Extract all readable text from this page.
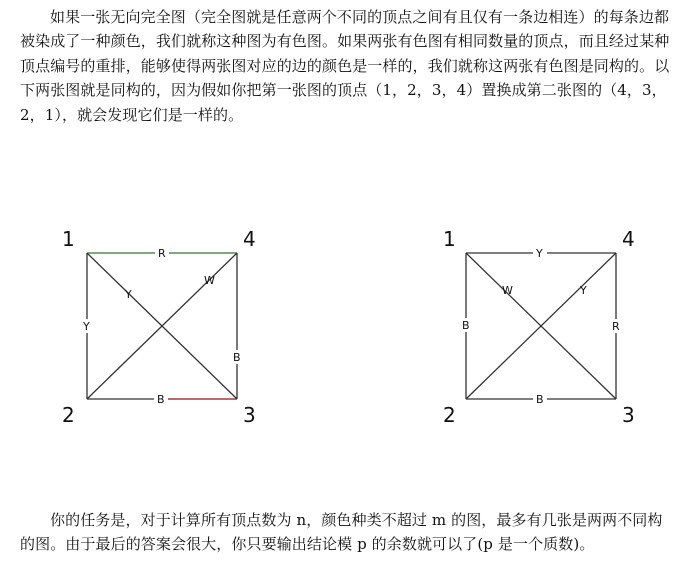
如果一张无向完全图（完全图就是任意两个不同的顶点之间有且仅有一条边相连）的每条边都被染成了一种颜色，我们就称这种图为有色图。如果两张有色图有相同数量的顶点，而且经过某种顶点编号的重排，能够使得两张图对应的边的颜色是一样的，我们就称这两张有色图是同构的。以下两张图就是同构的，因为假如你把第一张图的顶点（1，2，3，4）置换成第二张图的（4，3，2，1），就会发现它们是一样的。

1	4
2	3
R
Y
B
B
Y
W
1	4
2	3
Y
B	R
B
W	Y

你的任务是，对于计算所有顶点数为 n，颜色种类不超过 m 的图，最多有几张是两两不同构的图。由于最后的答案会很大，你只要输出结论模 p 的余数就可以了(p 是一个质数)。
